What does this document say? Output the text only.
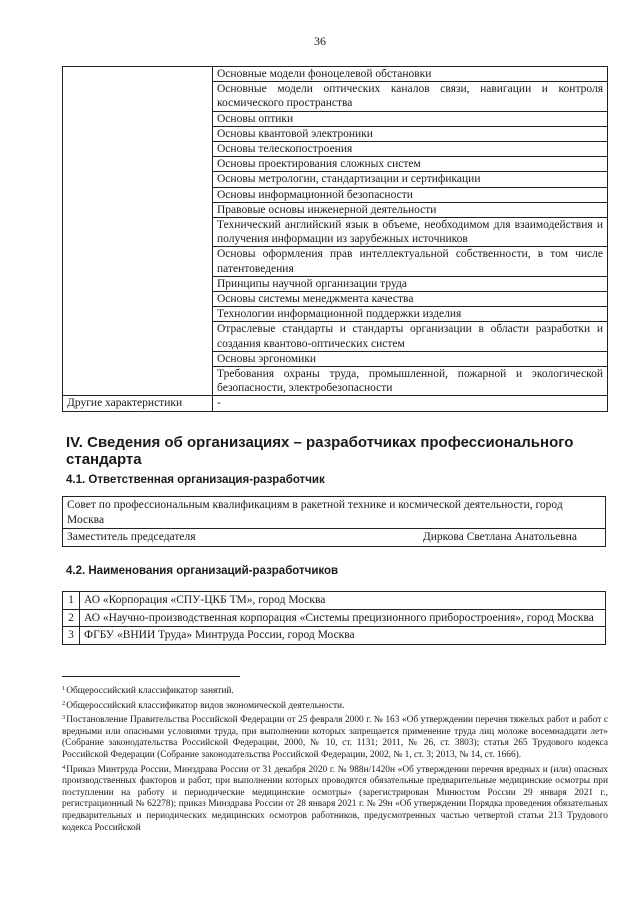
36
	Основные модели фоноцелевой обстановки
	Основные модели оптических каналов связи, навигации и контроля космического пространства
	Основы оптики
	Основы квантовой электроники
	Основы телескопостроения
	Основы проектирования сложных систем
	Основы метрологии, стандартизации и сертификации
	Основы информационной безопасности
	Правовые основы инженерной деятельности
	Технический английский язык в объеме, необходимом для взаимодействия и получения информации из зарубежных источников
	Основы оформления прав интеллектуальной собственности, в том числе патентоведения
	Принципы научной организации труда
	Основы системы менеджмента качества
	Технологии информационной поддержки изделия
	Отраслевые стандарты и стандарты организации в области разработки и создания квантово-оптических систем
	Основы эргономики
	Требования охраны труда, промышленной, пожарной и экологической безопасности, электробезопасности
Другие характеристики	-
IV. Сведения об организациях – разработчиках профессионального стандарта
4.1. Ответственная организация-разработчик
Совет по профессиональным квалификациям в ракетной технике и космической деятельности, город Москва

Заместитель председателя	Диркова Светлана Анатольевна
4.2. Наименования организаций-разработчиков
1	АО «Корпорация «СПУ-ЦКБ ТМ», город Москва
2	АО «Научно-производственная корпорация «Системы прецизионного приборостроения», город Москва
3	ФГБУ «ВНИИ Труда» Минтруда России, город Москва

$^1$Общероссийский классификатор занятий.

$^2$Общероссийский классификатор видов экономической деятельности.

$^3$Постановление Правительства Российской Федерации от 25 февраля 2000 г. № 163 «Об утверждении перечня тяжелых работ и работ с вредными или опасными условиями труда, при выполнении которых запрещается применение труда лиц моложе восемнадцати лет» (Собрание законодательства Российской Федерации, 2000, № 10, ст. 1131; 2011, № 26, ст. 3803); статья 265 Трудового кодекса Российской Федерации (Собрание законодательства Российской Федерации, 2002, № 1, ст. 3; 2013, № 14, ст. 1666).

$^4$Приказ Минтруда России, Минздрава России от 31 декабря 2020 г. № 988н/1420н «Об утверждении перечня вредных и (или) опасных производственных факторов и работ, при выполнении которых проводятся обязательные предварительные медицинские осмотры при поступлении на работу и периодические медицинские осмотры» (зарегистрирован Минюстом России 29 января 2021 г., регистрационный № 62278); приказ Минздрава России от 28 января 2021 г. № 29н «Об утверждении Порядка проведения обязательных предварительных и периодических медицинских осмотров работников, предусмотренных частью четвертой статьи 213 Трудового кодекса Российской
